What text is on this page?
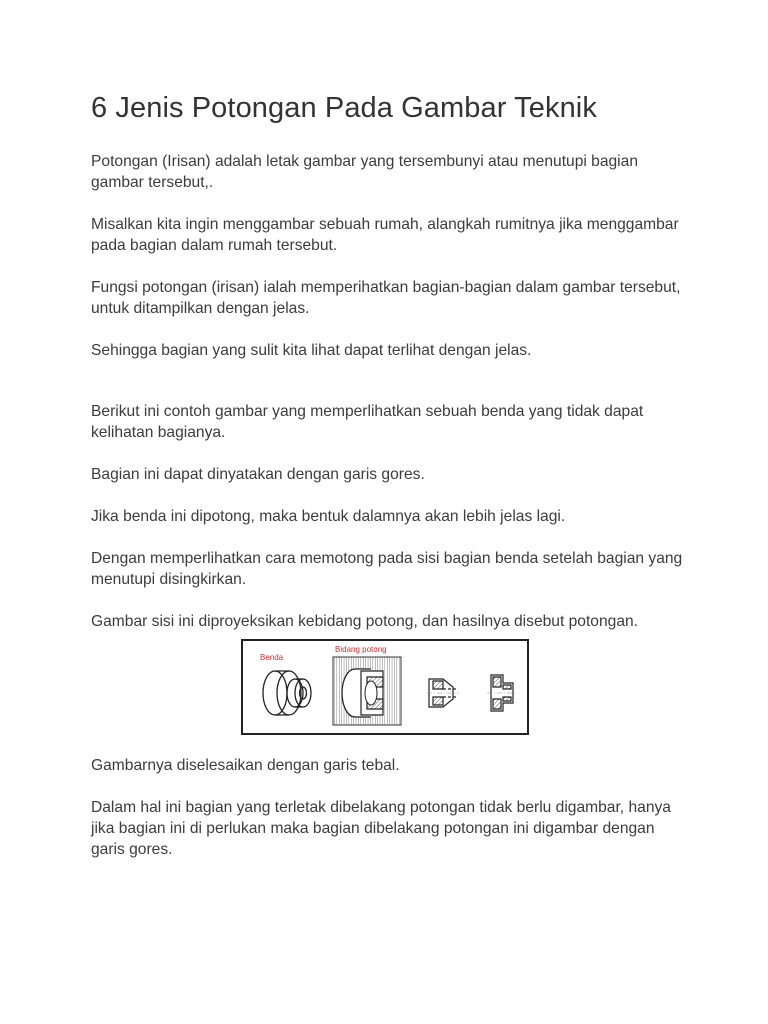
6 Jenis Potongan Pada Gambar Teknik

Potongan (Irisan) adalah letak gambar yang tersembunyi atau menutupi bagian gambar tersebut,.

Misalkan kita ingin menggambar sebuah rumah, alangkah rumitnya jika menggambar pada bagian dalam rumah tersebut.

Fungsi potongan (irisan) ialah memperihatkan bagian-bagian dalam gambar tersebut, untuk ditampilkan dengan jelas.

Sehingga bagian yang sulit kita lihat dapat terlihat dengan jelas.

Berikut ini contoh gambar yang memperlihatkan sebuah benda yang tidak dapat kelihatan bagianya.

Bagian ini dapat dinyatakan dengan garis gores.

Jika benda ini dipotong, maka bentuk dalamnya akan lebih jelas lagi.

Dengan memperlihatkan cara memotong pada sisi bagian benda setelah bagian yang menutupi disingkirkan.

Gambar sisi ini diproyeksikan kebidang potong, dan hasilnya disebut potongan.

Benda
Bidang potong

Gambarnya diselesaikan dengan garis tebal.

Dalam hal ini bagian yang terletak dibelakang potongan tidak berlu digambar, hanya jika bagian ini di perlukan maka bagian dibelakang potongan ini digambar dengan garis gores.
